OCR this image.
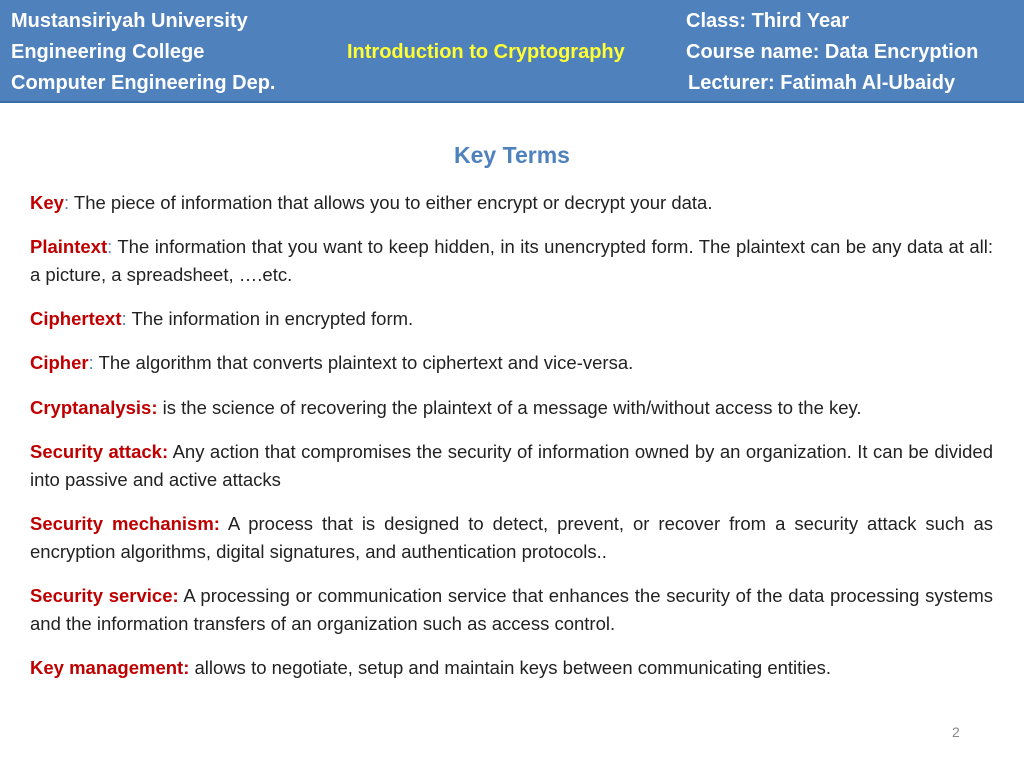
Mustansiriyah University
Engineering College
Computer Engineering Dep.
Introduction to Cryptography
Class: Third Year
Course name: Data Encryption
Lecturer: Fatimah Al-Ubaidy
Key Terms
Key: The piece of information that allows you to either encrypt or decrypt your data.
Plaintext: The information that you want to keep hidden, in its unencrypted form. The plaintext can be any data at all: a picture, a spreadsheet, ….etc.
Ciphertext: The information in encrypted form.
Cipher: The algorithm that converts plaintext to ciphertext and vice-versa.
Cryptanalysis: is the science of recovering the plaintext of a message with/without access to the key.
Security attack: Any action that compromises the security of information owned by an organization. It can be divided into passive and active attacks
Security mechanism: A process that is designed to detect, prevent, or recover from a security attack such as encryption algorithms, digital signatures, and authentication protocols..
Security service: A processing or communication service that enhances the security of the data processing systems and the information transfers of an organization such as access control.
Key management: allows to negotiate, setup and maintain keys between communicating entities.
2
